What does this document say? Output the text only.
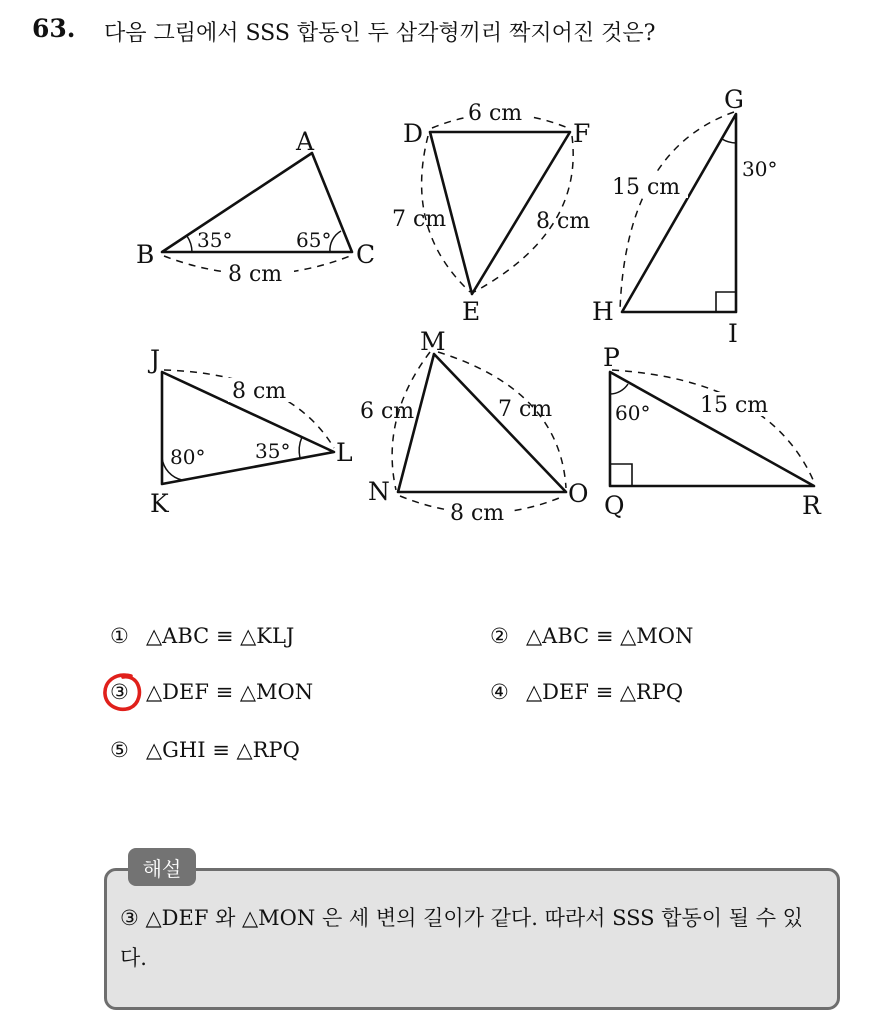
63. 다음 그림에서 SSS 합동인 두 삼각형끼리 짝지어진 것은?
A
B	C
35°	65°
8 cm
D	F
E
6 cm
7 cm	8 cm
G
H
I
30°
15 cm
J
K
L
80° 35°
8 cm
M
N	O
6 cm	7 cm
8 cm
P
Q	R
60° 15 cm
① △ABC ≡ △KLJ	② △ABC ≡ △MON
③ △DEF ≡ △MON	④ △DEF ≡ △RPQ
⑤ △GHI ≡ △RPQ
해설
③ △DEF 와 △MON 은 세 변의 길이가 같다. 따라서 SSS 합동이 될 수 있다.
